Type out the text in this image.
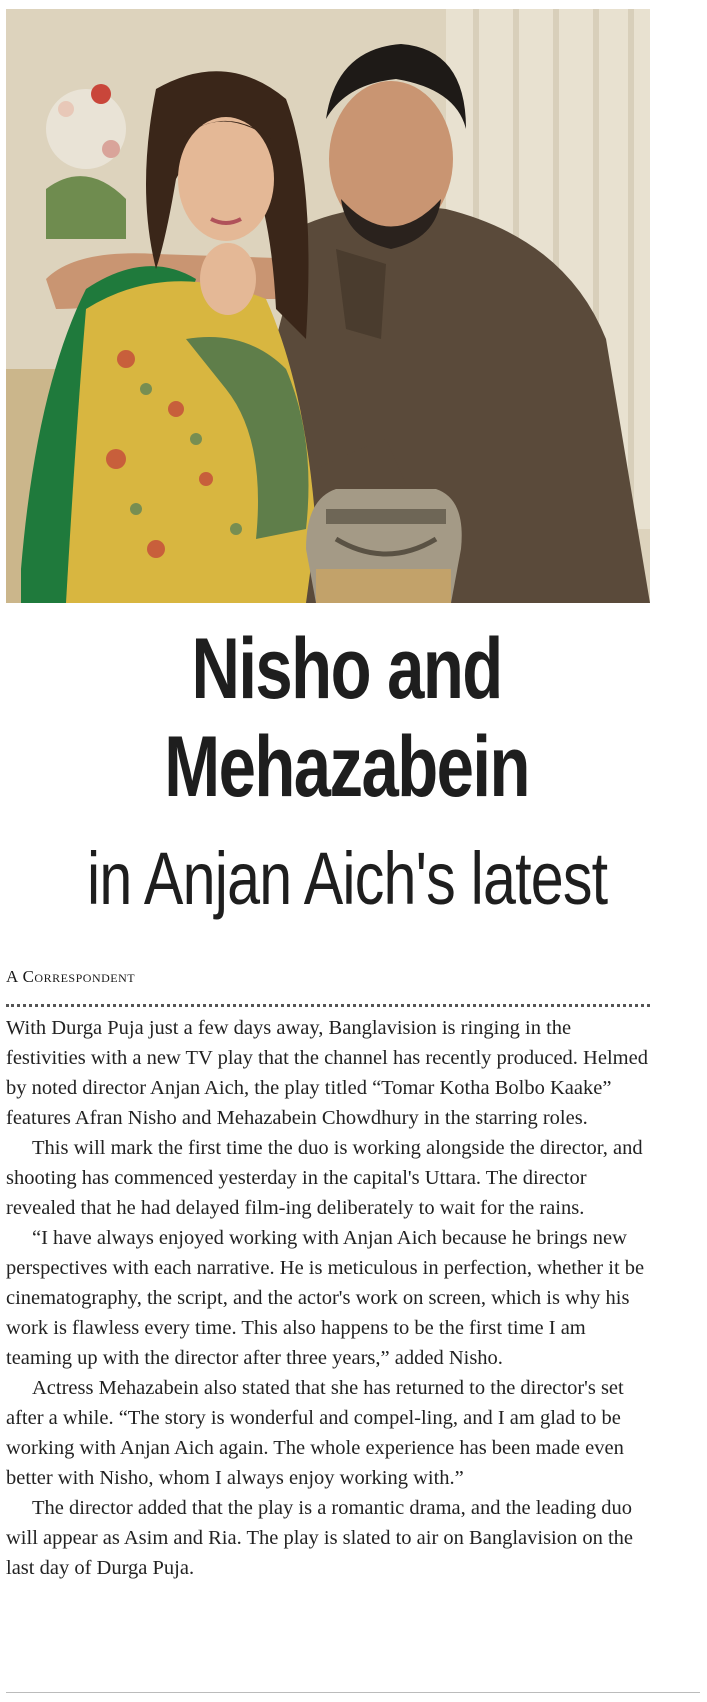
Nisho and
Mehazabein
in Anjan Aich's latest
A Correspondent

With Durga Puja just a few days away, Banglavision is ringing in the festivities with a new TV play that the channel has recently produced. Helmed by noted director Anjan Aich, the play titled “Tomar Kotha Bolbo Kaake” features Afran Nisho and Mehazabein Chowdhury in the starring roles.

This will mark the first time the duo is working alongside the director, and shooting has commenced yesterday in the capital's Uttara. The director revealed that he had delayed film-ing deliberately to wait for the rains.

“I have always enjoyed working with Anjan Aich because he brings new perspectives with each narrative. He is meticulous in perfection, whether it be cinematography, the script, and the actor's work on screen, which is why his work is flawless every time. This also happens to be the first time I am teaming up with the director after three years,” added Nisho.

Actress Mehazabein also stated that she has returned to the director's set after a while. “The story is wonderful and compel-ling, and I am glad to be working with Anjan Aich again. The whole experience has been made even better with Nisho, whom I always enjoy working with.”

The director added that the play is a romantic drama, and the leading duo will appear as Asim and Ria. The play is slated to air on Banglavision on the last day of Durga Puja.
